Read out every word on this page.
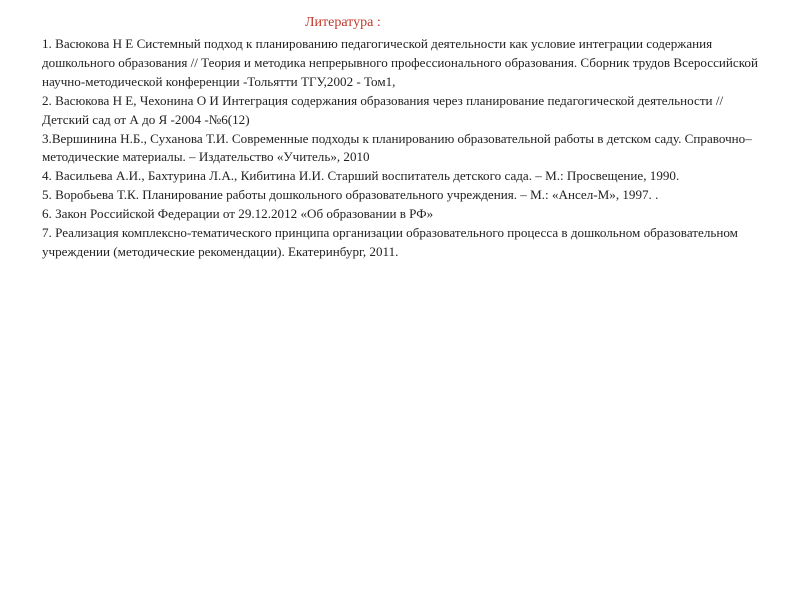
Литература :

1. Васюкова Н Е Системный подход к планированию педагогической деятельности как условие интеграции содержания дошкольного образования // Теория и методика непрерывного профессионального образования. Сборник трудов Всероссийской научно-методической конференции -Тольятти ТГУ,2002 - Том1,

2. Васюкова Н Е, Чехонина О И Интеграция содержания образования через планирование педагогической деятельности // Детский сад от А до Я -2004 -№6(12)

3.Вершинина Н.Б., Суханова Т.И. Современные подходы к планированию образовательной работы в детском саду. Справочно–методические материалы. – Издательство «Учитель», 2010

4. Васильева А.И., Бахтурина Л.А., Кибитина И.И. Старший воспитатель детского сада. – М.: Просвещение, 1990.

5. Воробьева Т.К. Планирование работы дошкольного образовательного учреждения. – М.: «Ансел-М», 1997. .

6. Закон Российской Федерации от 29.12.2012 «Об образовании в РФ»

7. Реализация комплексно-тематического принципа организации образовательного процесса в дошкольном образовательном учреждении (методические рекомендации). Екатеринбург, 2011.
